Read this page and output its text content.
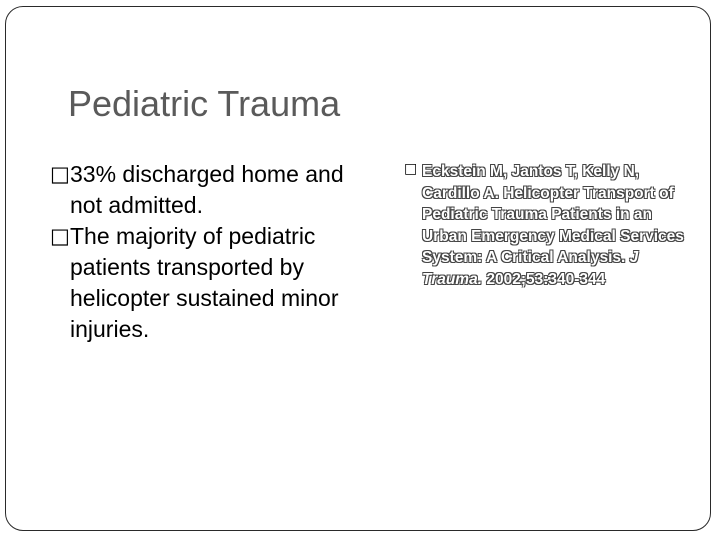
Pediatric Trauma
□ 33% discharged home and not admitted.
□ The majority of pediatric patients transported by helicopter sustained minor injuries.
□ Eckstein M, Jantos T, Kelly N, Cardillo A. Helicopter Transport of Pediatric Trauma Patients in an Urban Emergency Medical Services System: A Critical Analysis. J Trauma. 2002;53:340-344
